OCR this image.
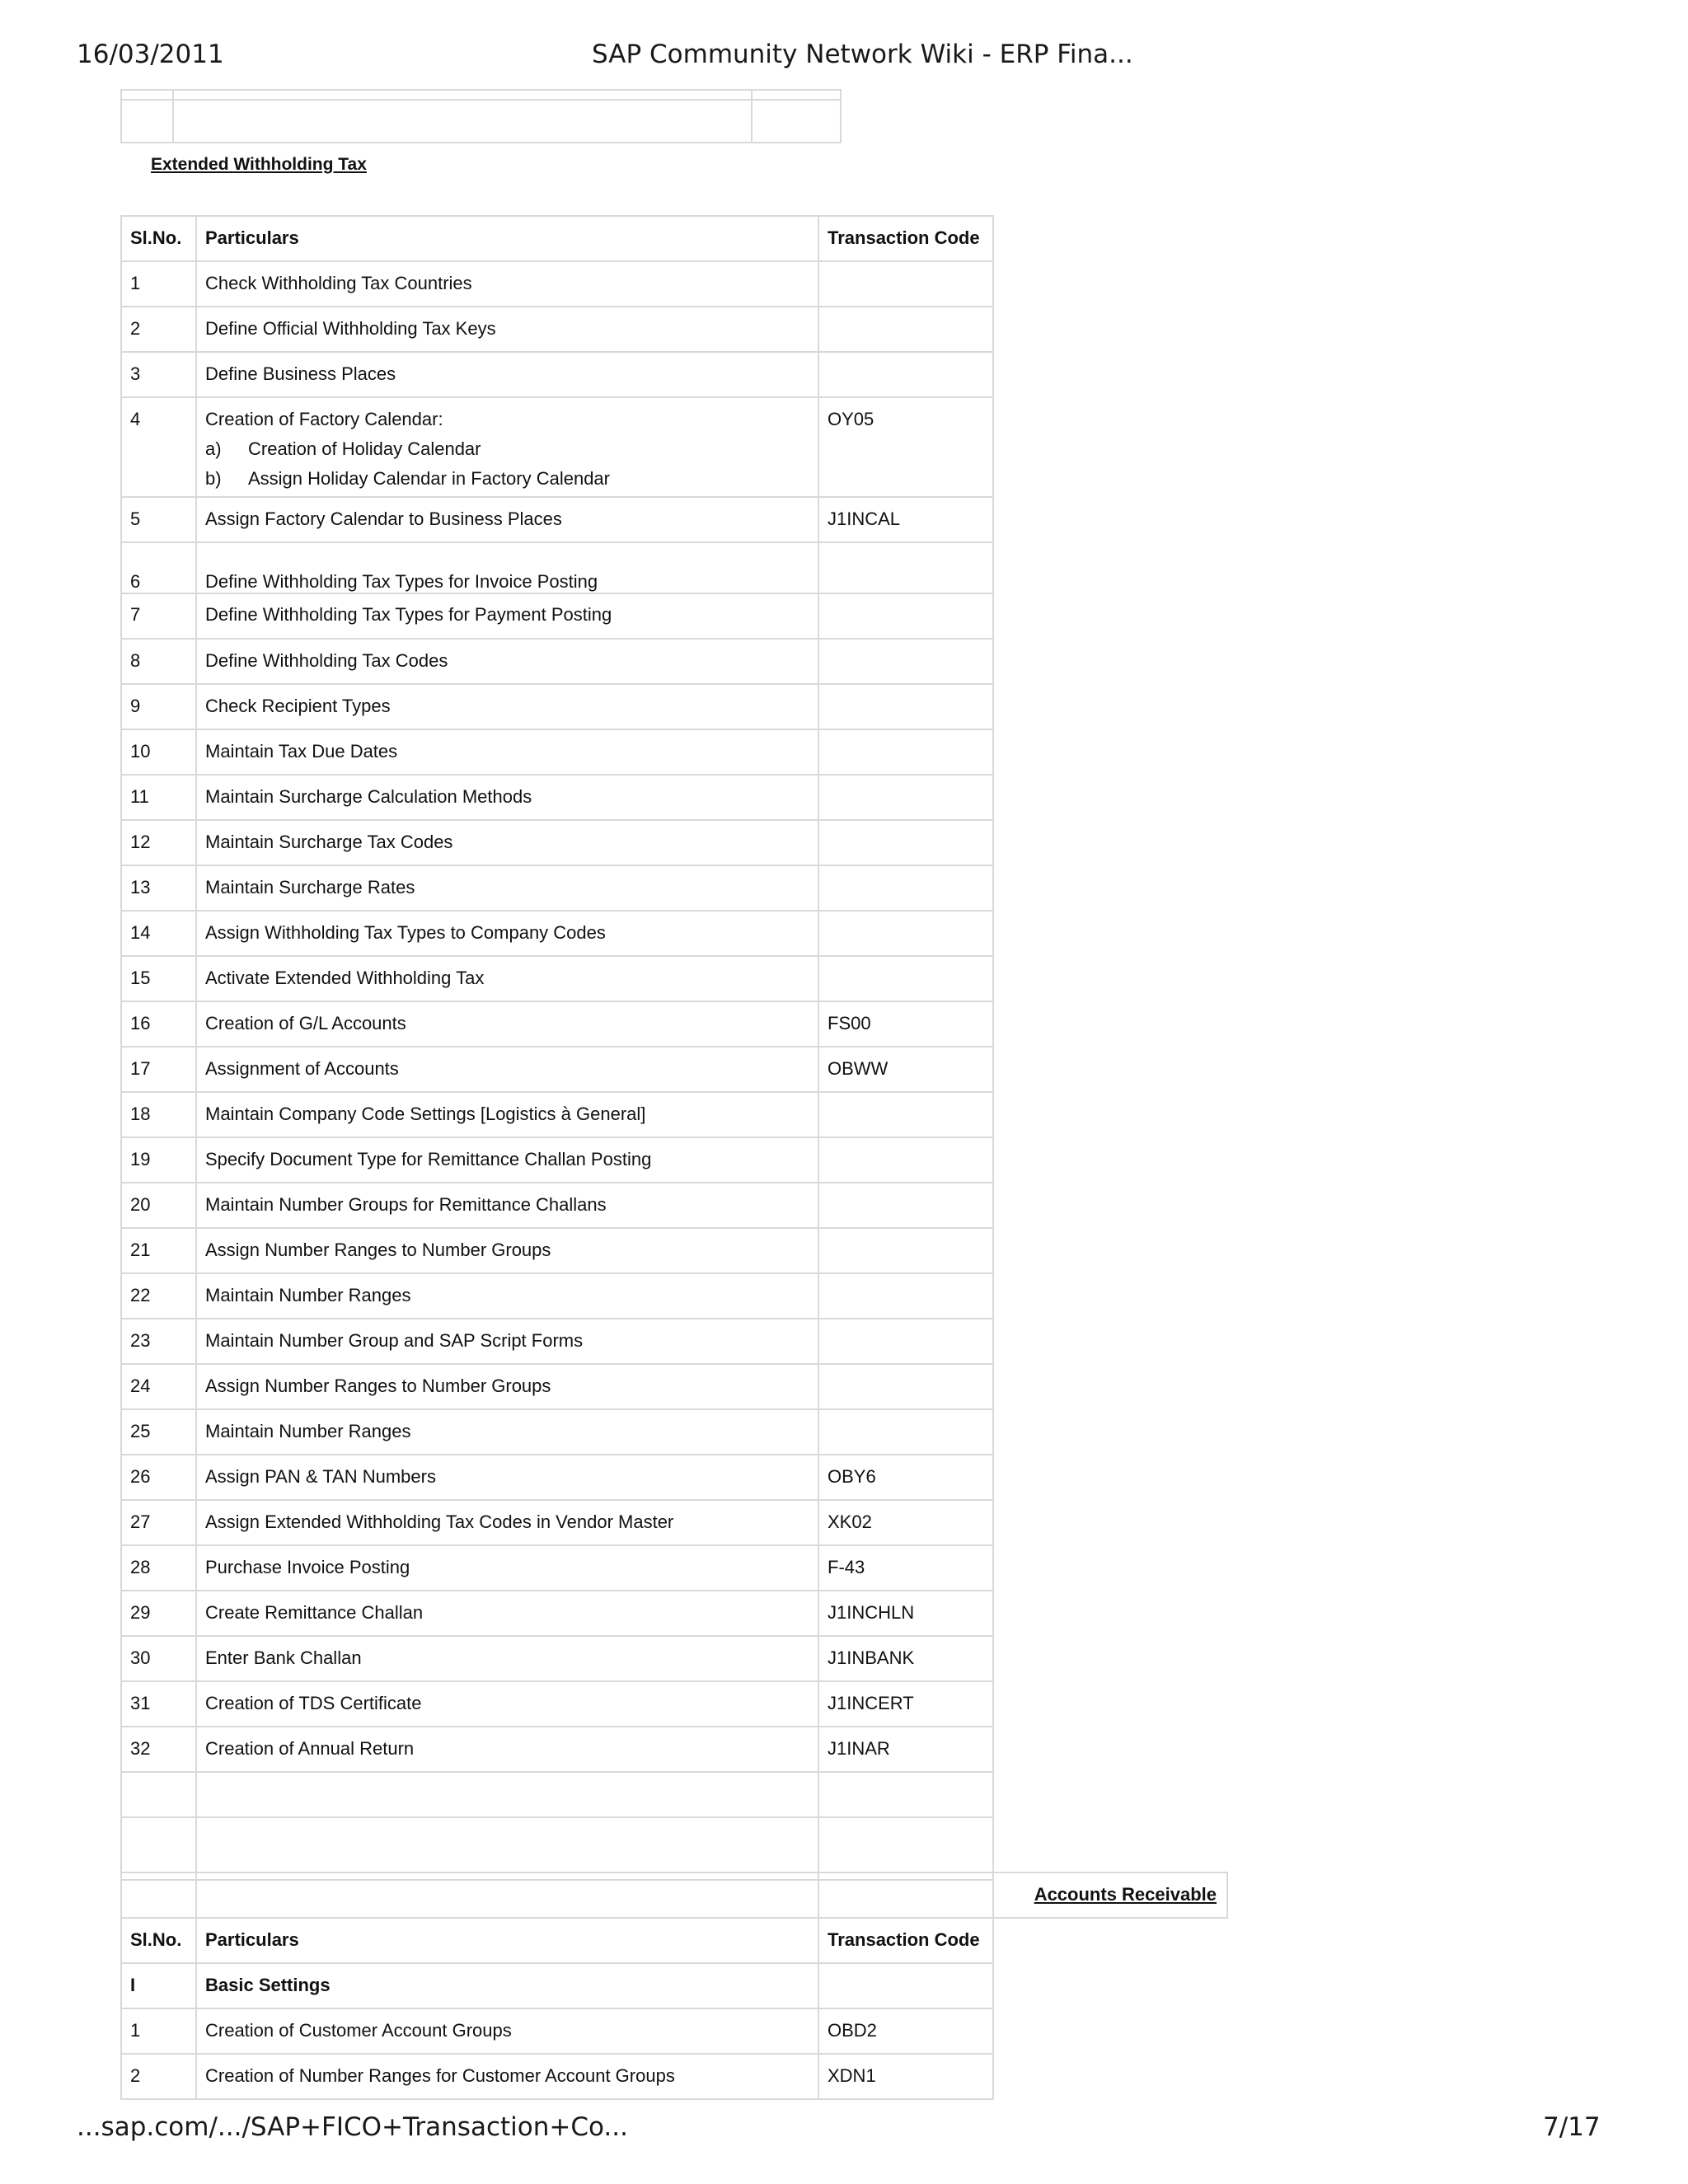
16/03/2011	SAP Community Network Wiki - ERP Fina...
...sap.com/.../SAP+FICO+Transaction+Co...	7/17

Extended Withholding Tax
Sl.No.	Particulars	Transaction Code
1	Check Withholding Tax Countries	
2	Define Official Withholding Tax Keys	
3	Define Business Places	
4	Creation of Factory Calendar:
a) Creation of Holiday Calendar
b) Assign Holiday Calendar in Factory Calendar	OY05
5	Assign Factory Calendar to Business Places	J1INCAL
6	Define Withholding Tax Types for Invoice Posting	
7	Define Withholding Tax Types for Payment Posting	
8	Define Withholding Tax Codes	
9	Check Recipient Types	
10	Maintain Tax Due Dates	
11	Maintain Surcharge Calculation Methods	
12	Maintain Surcharge Tax Codes	
13	Maintain Surcharge Rates	
14	Assign Withholding Tax Types to Company Codes	
15	Activate Extended Withholding Tax	
16	Creation of G/L Accounts	FS00
17	Assignment of Accounts	OBWW
18	Maintain Company Code Settings [Logistics à General]	
19	Specify Document Type for Remittance Challan Posting	
20	Maintain Number Groups for Remittance Challans	
21	Assign Number Ranges to Number Groups	
22	Maintain Number Ranges	
23	Maintain Number Group and SAP Script Forms	
24	Assign Number Ranges to Number Groups	
25	Maintain Number Ranges	
26	Assign PAN & TAN Numbers	OBY6
27	Assign Extended Withholding Tax Codes in Vendor Master	XK02
28	Purchase Invoice Posting	F-43
29	Create Remittance Challan	J1INCHLN
30	Enter Bank Challan	J1INBANK
31	Creation of TDS Certificate	J1INCERT
32	Creation of Annual Return	J1INAR

			Accounts Receivable
Sl.No.	Particulars	Transaction Code	
I	Basic Settings		
1	Creation of Customer Account Groups	OBD2	
2	Creation of Number Ranges for Customer Account Groups	XDN1	
